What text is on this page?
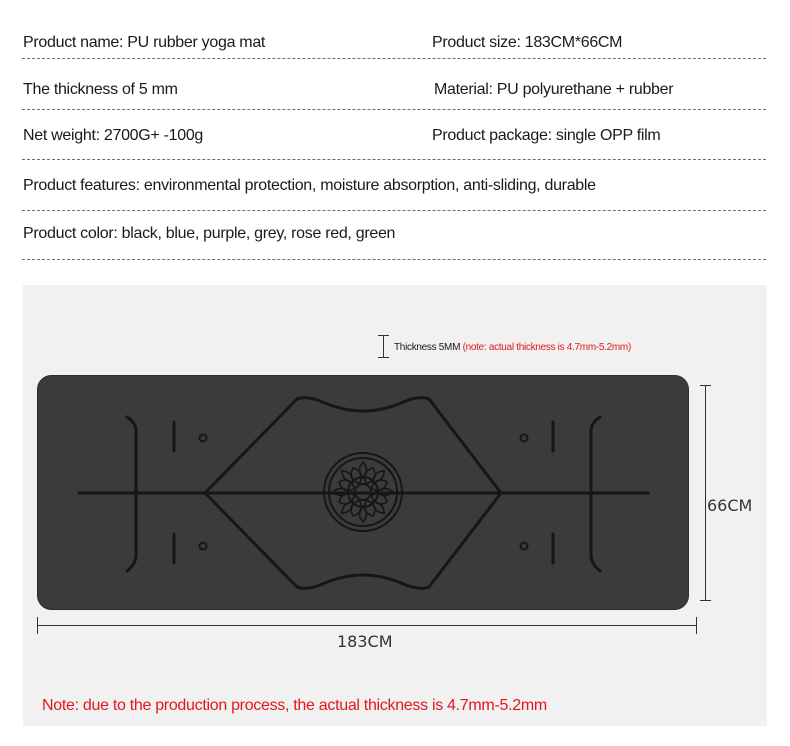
Product name: PU rubber yoga mat	Product size: 183CM*66CM
The thickness of 5 mm	Material: PU polyurethane + rubber
Net weight: 2700G+ -100g	Product package: single OPP film
Product features: environmental protection, moisture absorption, anti-sliding, durable
Product color: black, blue, purple, grey, rose red, green
Thickness 5MM (note: actual thickness is 4.7mm-5.2mm)
66CM
183CM
Note: due to the production process, the actual thickness is 4.7mm-5.2mm
